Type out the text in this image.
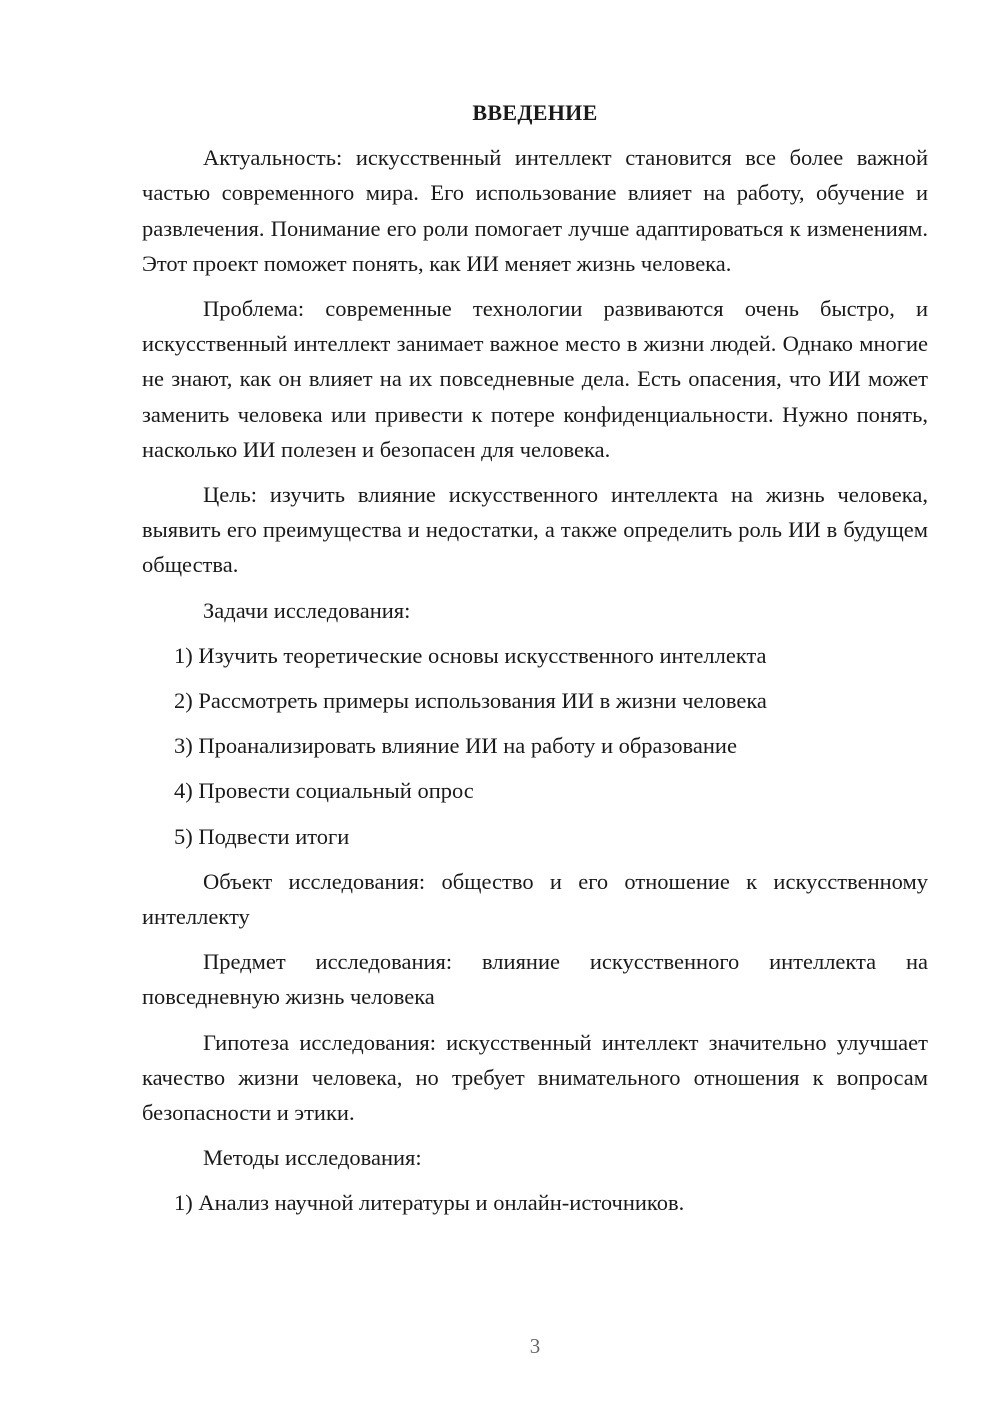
ВВЕДЕНИЕ
Актуальность: искусственный интеллект становится все более важной частью современного мира. Его использование влияет на работу, обучение и развлечения. Понимание его роли помогает лучше адаптироваться к изменениям. Этот проект поможет понять, как ИИ меняет жизнь человека.
Проблема: современные технологии развиваются очень быстро, и искусственный интеллект занимает важное место в жизни людей. Однако многие не знают, как он влияет на их повседневные дела. Есть опасения, что ИИ может заменить человека или привести к потере конфиденциальности. Нужно понять, насколько ИИ полезен и безопасен для человека.
Цель: изучить влияние искусственного интеллекта на жизнь человека, выявить его преимущества и недостатки, а также определить роль ИИ в будущем общества.
Задачи исследования:
1) Изучить теоретические основы искусственного интеллекта
2) Рассмотреть примеры использования ИИ в жизни человека
3) Проанализировать влияние ИИ на работу и образование
4) Провести социальный опрос
5) Подвести итоги
Объект исследования: общество и его отношение к искусственному интеллекту
Предмет исследования: влияние искусственного интеллекта на повседневную жизнь человека
Гипотеза исследования: искусственный интеллект значительно улучшает качество жизни человека, но требует внимательного отношения к вопросам безопасности и этики.
Методы исследования:
1) Анализ научной литературы и онлайн-источников.
3
